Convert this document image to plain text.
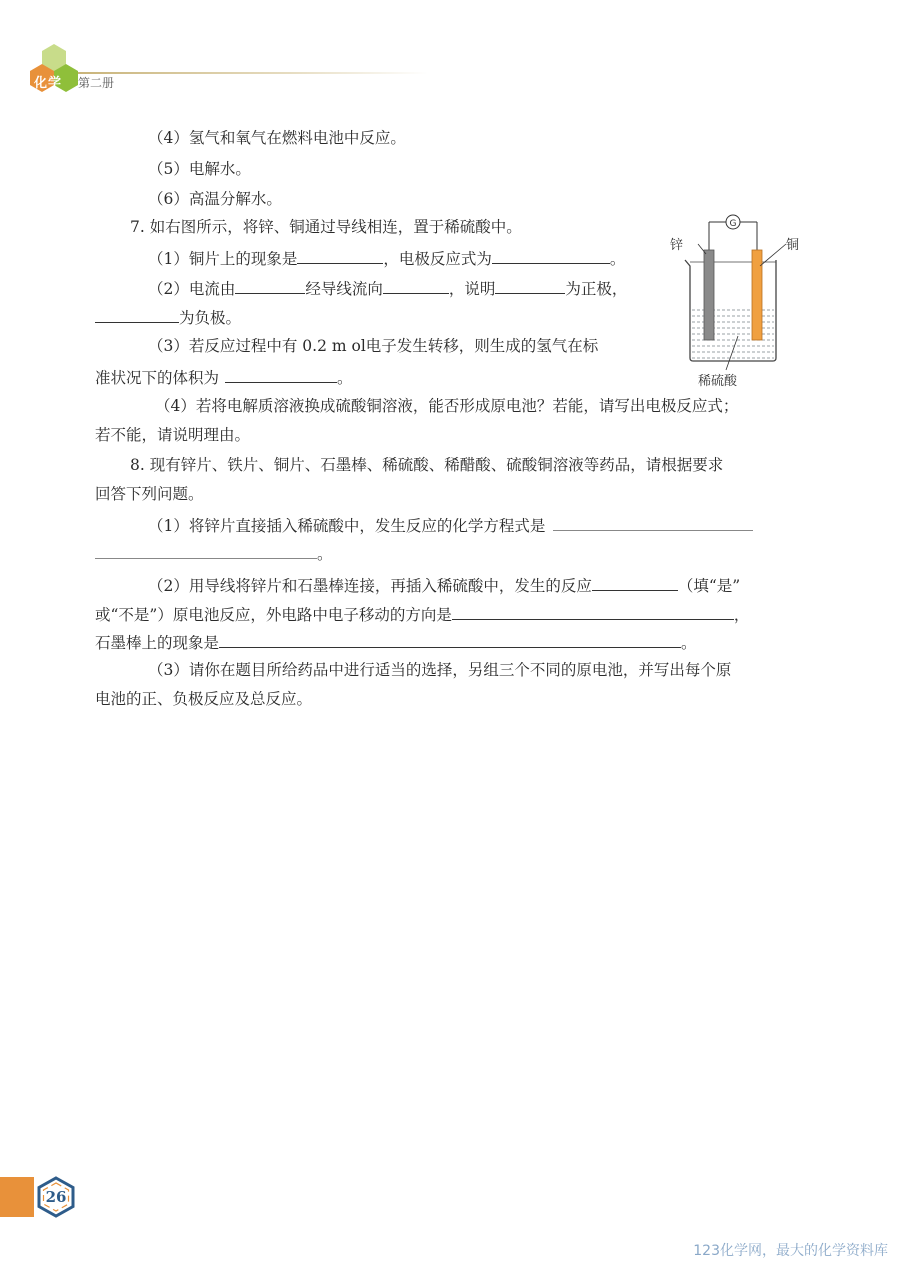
化学 第二册
（4）氢气和氧气在燃料电池中反应。
（5）电解水。
（6）高温分解水。
7. 如右图所示，将锌、铜通过导线相连，置于稀硫酸中。
（1）铜片上的现象是	，电极反应式为	。
（2）电流由	经导线流向	，说明	为正极，
为负极。
（3）若反应过程中有 0.2 m ol电子发生转移，则生成的氢气在标
准状况下的体积为	。
（4）若将电解质溶液换成硫酸铜溶液，能否形成原电池？若能，请写出电极反应式；
若不能，请说明理由。
G
锌	铜
稀硫酸
8. 现有锌片、铁片、铜片、石墨棒、稀硫酸、稀醋酸、硫酸铜溶液等药品，请根据要求
回答下列问题。
（1）将锌片直接插入稀硫酸中，发生反应的化学方程式是
。
（2）用导线将锌片和石墨棒连接，再插入稀硫酸中，发生的反应	（填“是”
或“不是”）原电池反应，外电路中电子移动的方向是	，
石墨棒上的现象是	。
（3）请你在题目所给药品中进行适当的选择，另组三个不同的原电池，并写出每个原
电池的正、负极反应及总反应。
26
123化学网，最大的化学资料库
